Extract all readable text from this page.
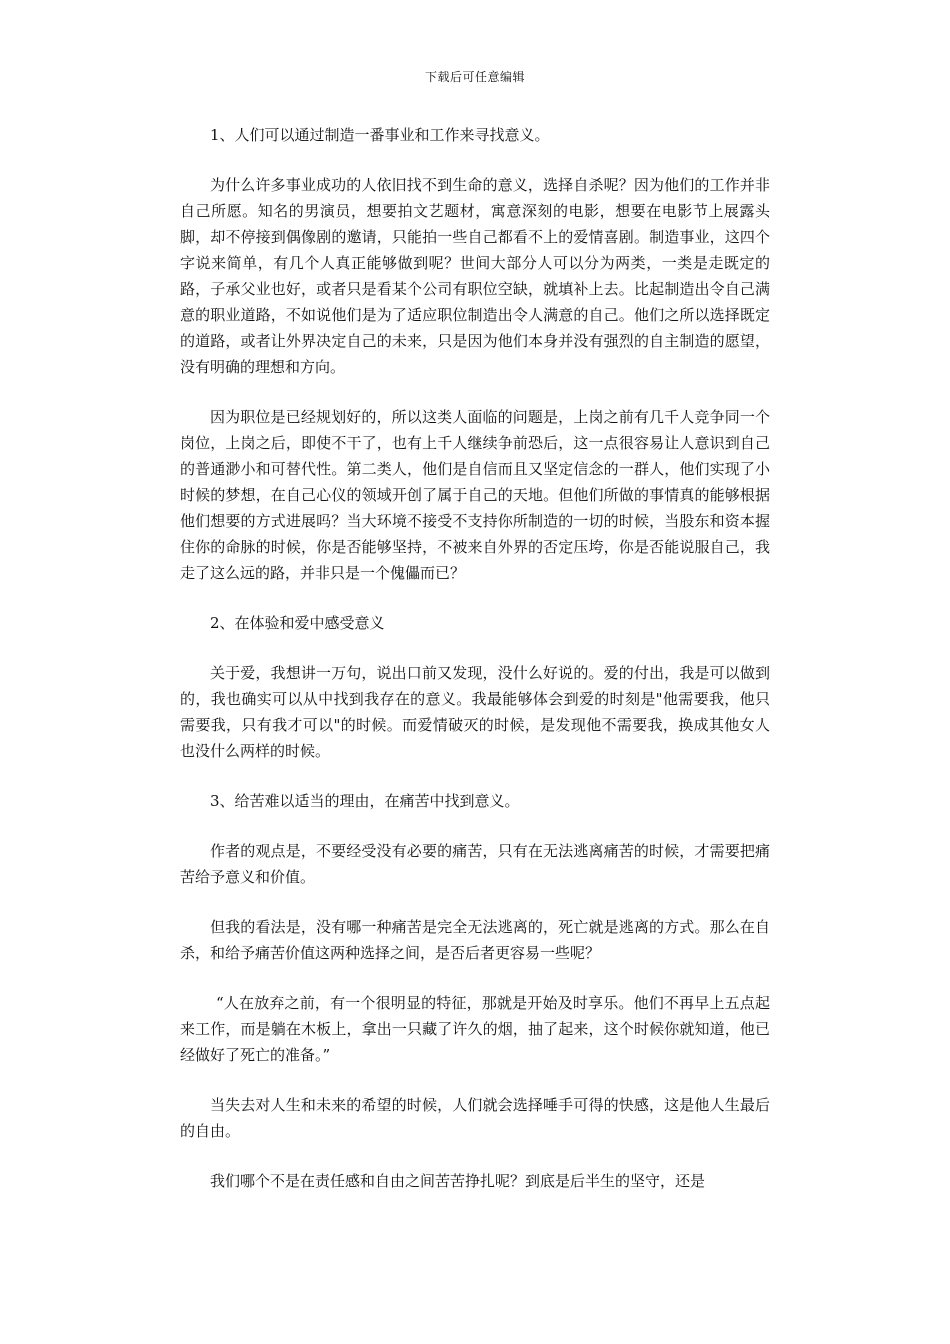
下载后可任意编辑

1、人们可以通过制造一番事业和工作来寻找意义。

为什么许多事业成功的人依旧找不到生命的意义，选择自杀呢？因为他们的工作并非自己所愿。知名的男演员，想要拍文艺题材，寓意深刻的电影，想要在电影节上展露头脚，却不停接到偶像剧的邀请，只能拍一些自己都看不上的爱情喜剧。制造事业，这四个字说来简单，有几个人真正能够做到呢？世间大部分人可以分为两类，一类是走既定的路，子承父业也好，或者只是看某个公司有职位空缺，就填补上去。比起制造出令自己满意的职业道路，不如说他们是为了适应职位制造出令人满意的自己。他们之所以选择既定的道路，或者让外界决定自己的未来，只是因为他们本身并没有强烈的自主制造的愿望，没有明确的理想和方向。

因为职位是已经规划好的，所以这类人面临的问题是，上岗之前有几千人竞争同一个岗位，上岗之后，即使不干了，也有上千人继续争前恐后，这一点很容易让人意识到自己的普通渺小和可替代性。第二类人，他们是自信而且又坚定信念的一群人，他们实现了小时候的梦想，在自己心仪的领域开创了属于自己的天地。但他们所做的事情真的能够根据他们想要的方式进展吗？当大环境不接受不支持你所制造的一切的时候，当股东和资本握住你的命脉的时候，你是否能够坚持，不被来自外界的否定压垮，你是否能说服自己，我走了这么远的路，并非只是一个傀儡而已？

2、在体验和爱中感受意义

关于爱，我想讲一万句，说出口前又发现，没什么好说的。爱的付出，我是可以做到的，我也确实可以从中找到我存在的意义。我最能够体会到爱的时刻是"他需要我，他只需要我，只有我才可以"的时候。而爱情破灭的时候，是发现他不需要我，换成其他女人也没什么两样的时候。

3、给苦难以适当的理由，在痛苦中找到意义。

作者的观点是，不要经受没有必要的痛苦，只有在无法逃离痛苦的时候，才需要把痛苦给予意义和价值。

但我的看法是，没有哪一种痛苦是完全无法逃离的，死亡就是逃离的方式。那么在自杀，和给予痛苦价值这两种选择之间，是否后者更容易一些呢？

“人在放弃之前，有一个很明显的特征，那就是开始及时享乐。他们不再早上五点起来工作，而是躺在木板上，拿出一只藏了许久的烟，抽了起来，这个时候你就知道，他已经做好了死亡的准备。”

当失去对人生和未来的希望的时候，人们就会选择唾手可得的快感，这是他人生最后的自由。

我们哪个不是在责任感和自由之间苦苦挣扎呢？到底是后半生的坚守，还是
